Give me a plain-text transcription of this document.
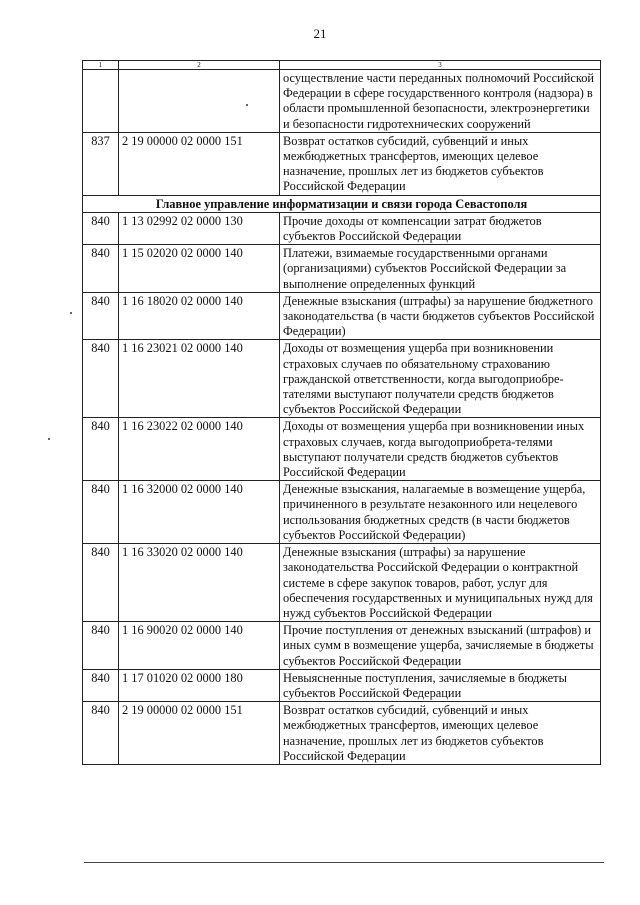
21
1	2	3
		осуществление части переданных полномочий Российской Федерации в сфере государственного контроля (надзора) в области промышленной безопасности, электроэнергетики и безопасности гидротехнических сооружений
837	2 19 00000 02 0000 151	Возврат остатков субсидий, субвенций и иных межбюджетных трансфертов, имеющих целевое назначение, прошлых лет из бюджетов субъектов Российской Федерации
Главное управление информатизации и связи города Севастополя		
840	1 13 02992 02 0000 130	Прочие доходы от компенсации затрат бюджетов субъектов Российской Федерации
840	1 15 02020 02 0000 140	Платежи, взимаемые государственными органами (организациями) субъектов Российской Федерации за выполнение определенных функций
840	1 16 18020 02 0000 140	Денежные взыскания (штрафы) за нарушение бюджетного законодательства (в части бюджетов субъектов Российской Федерации)
840	1 16 23021 02 0000 140	Доходы от возмещения ущерба при возникновении страховых случаев по обязательному страхованию гражданской ответственности, когда выгодоприобре-тателями выступают получатели средств бюджетов субъектов Российской Федерации
840	1 16 23022 02 0000 140	Доходы от возмещения ущерба при возникновении иных страховых случаев, когда выгодоприобрета-телями выступают получатели средств бюджетов субъектов Российской Федерации
840	1 16 32000 02 0000 140	Денежные взыскания, налагаемые в возмещение ущерба, причиненного в результате незаконного или нецелевого использования бюджетных средств (в части бюджетов субъектов Российской Федерации)
840	1 16 33020 02 0000 140	Денежные взыскания (штрафы) за нарушение законодательства Российской Федерации о контрактной системе в сфере закупок товаров, работ, услуг для обеспечения государственных и муниципальных нужд для нужд субъектов Российской Федерации
840	1 16 90020 02 0000 140	Прочие поступления от денежных взысканий (штрафов) и иных сумм в возмещение ущерба, зачисляемые в бюджеты субъектов Российской Федерации
840	1 17 01020 02 0000 180	Невыясненные поступления, зачисляемые в бюджеты субъектов Российской Федерации
840	2 19 00000 02 0000 151	Возврат остатков субсидий, субвенций и иных межбюджетных трансфертов, имеющих целевое назначение, прошлых лет из бюджетов субъектов Российской Федерации
